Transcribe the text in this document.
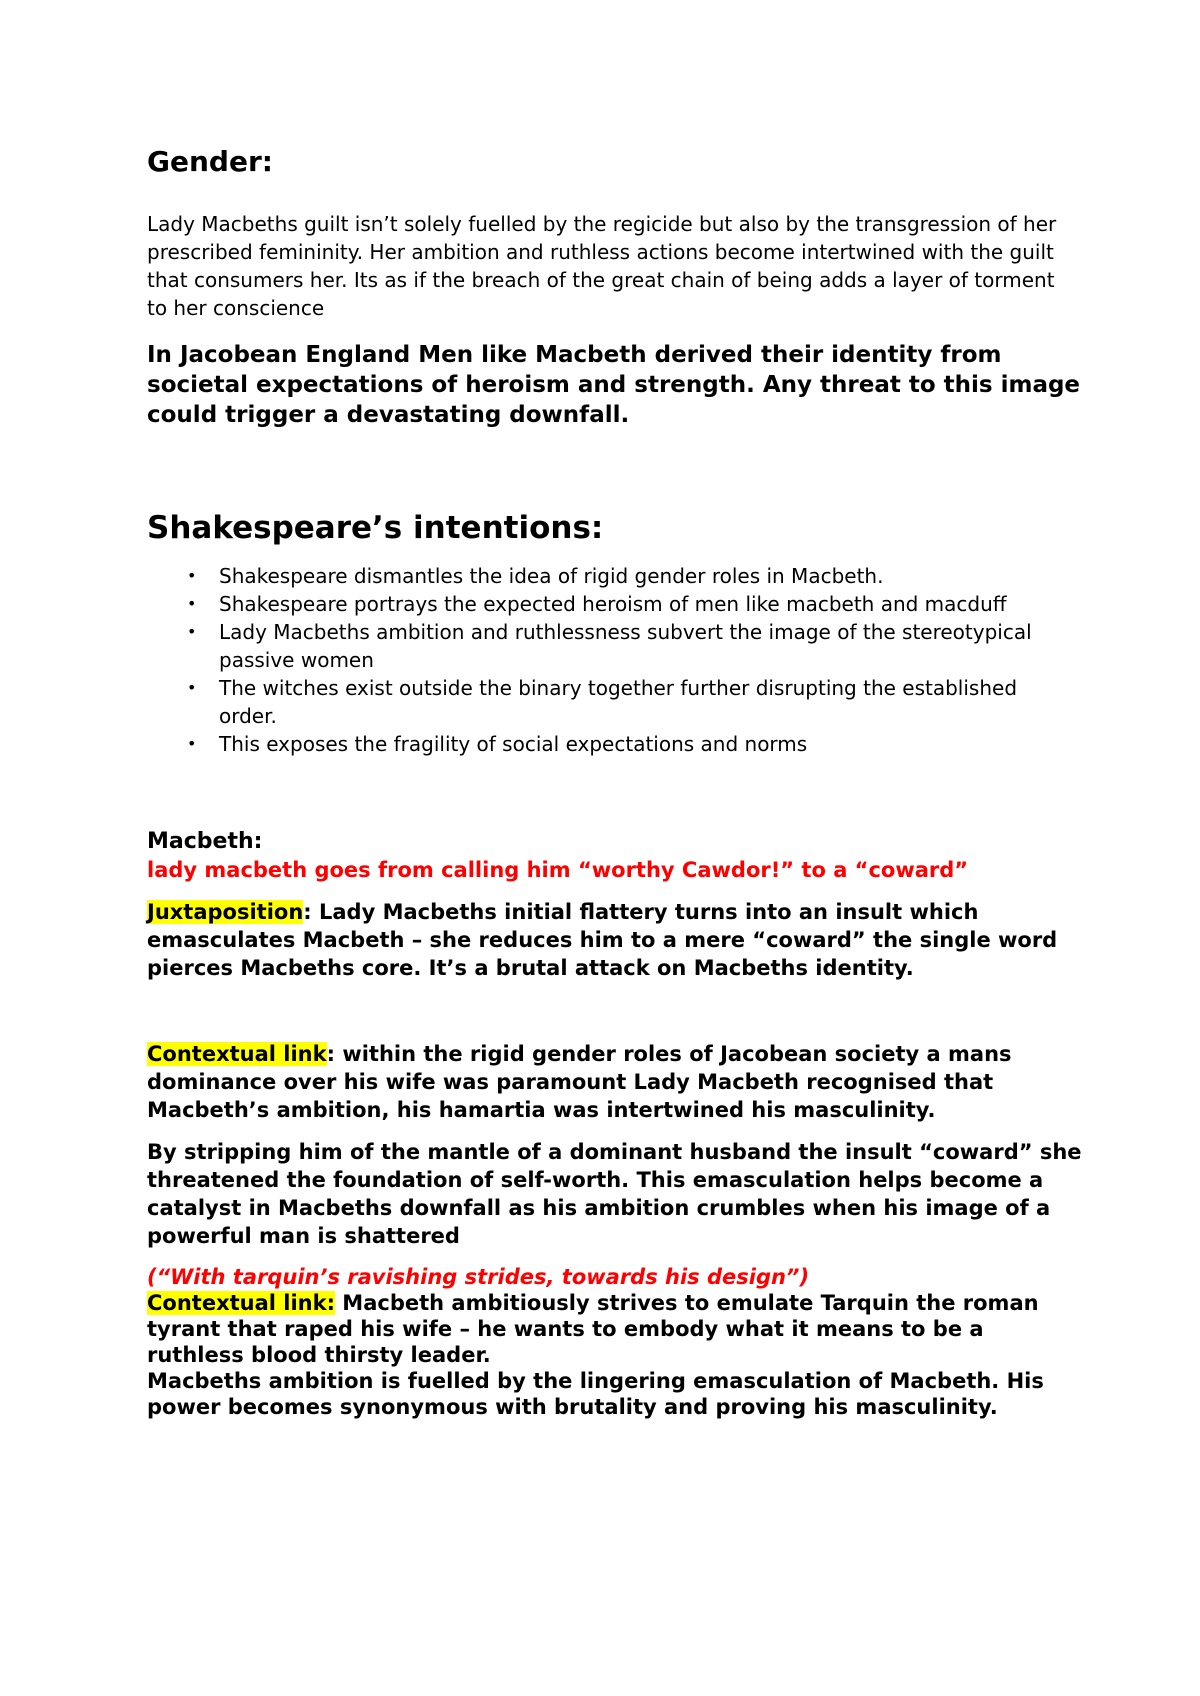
Gender:

Lady Macbeths guilt isn’t solely fuelled by the regicide but also by the transgression of her prescribed femininity. Her ambition and ruthless actions become intertwined with the guilt that consumers her. Its as if the breach of the great chain of being adds a layer of torment to her conscience

In Jacobean England Men like Macbeth derived their identity from societal expectations of heroism and strength. Any threat to this image could trigger a devastating downfall.

Shakespeare’s intentions:
• Shakespeare dismantles the idea of rigid gender roles in Macbeth.
• Shakespeare portrays the expected heroism of men like macbeth and macduff
• Lady Macbeths ambition and ruthlessness subvert the image of the stereotypical passive women
• The witches exist outside the binary together further disrupting the established order.
• This exposes the fragility of social expectations and norms
Macbeth:

lady macbeth goes from calling him “worthy Cawdor!” to a “coward”

Juxtaposition: Lady Macbeths initial flattery turns into an insult which emasculates Macbeth – she reduces him to a mere “coward” the single word pierces Macbeths core. It’s a brutal attack on Macbeths identity.

Contextual link: within the rigid gender roles of Jacobean society a mans dominance over his wife was paramount Lady Macbeth recognised that Macbeth’s ambition, his hamartia was intertwined his masculinity.

By stripping him of the mantle of a dominant husband the insult “coward” she threatened the foundation of self-worth. This emasculation helps become a catalyst in Macbeths downfall as his ambition crumbles when his image of a powerful man is shattered

(“With tarquin’s ravishing strides, towards his design”)

Contextual link: Macbeth ambitiously strives to emulate Tarquin the roman tyrant that raped his wife – he wants to embody what it means to be a ruthless blood thirsty leader.

Macbeths ambition is fuelled by the lingering emasculation of Macbeth. His power becomes synonymous with brutality and proving his masculinity.
